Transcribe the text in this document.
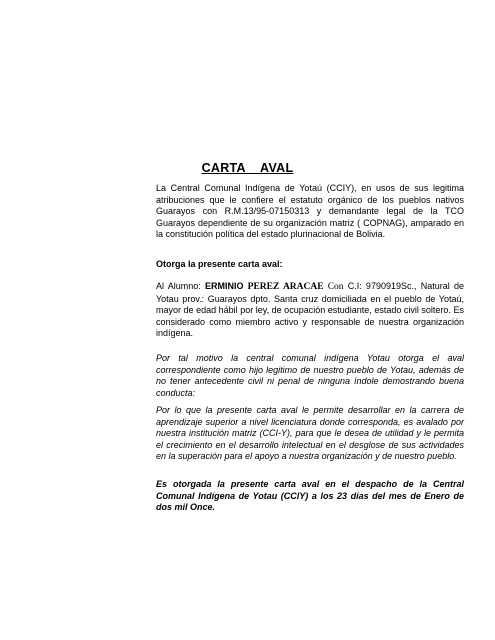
CARTA    AVAL
La Central Comunal Indígena de Yotaú (CCIY), en usos de sus legitima atribuciones que le confiere el estatuto orgánico de los pueblos nativos Guarayos con R.M.13/95-07150313 y demandante legal de la TCO Guarayos dependiente de su organización matriz ( COPNAG), amparado en la constitución política del estado plurinacional de Bolivia.
Otorga la presente carta aval:
Al Alumno: ERMINIO PEREZ ARACAE Con C.I: 9790919Sc., Natural de Yotau prov.: Guarayos dpto. Santa cruz domiciliada en el pueblo de Yotaú, mayor de edad hábil por ley, de ocupación estudiante, estado civil soltero. Es considerado como miembro activo y responsable de nuestra organización indígena.
Por tal motivo la central comunal indígena Yotau otorga el aval correspondiente como hijo legitimo de nuestro pueblo de Yotau, además de no tener antecedente civil ni penal de ninguna índole demostrando buena conducta:
Por lo que la presente carta aval le permite desarrollar en la carrera de aprendizaje superior a nivel licenciatura donde corresponda, es avalado por nuestra institución matriz (CCI-Y), para que le desea de utilidad y le permita el crecimiento en el desarrollo intelectual en el desglose de sus actividades en la superación para el apoyo a nuestra organización y de nuestro pueblo.
Es otorgada la presente carta aval en el despacho de la Central Comunal Indígena de Yotau (CCIY) a los 23 días del mes de Enero de dos mil Once.
